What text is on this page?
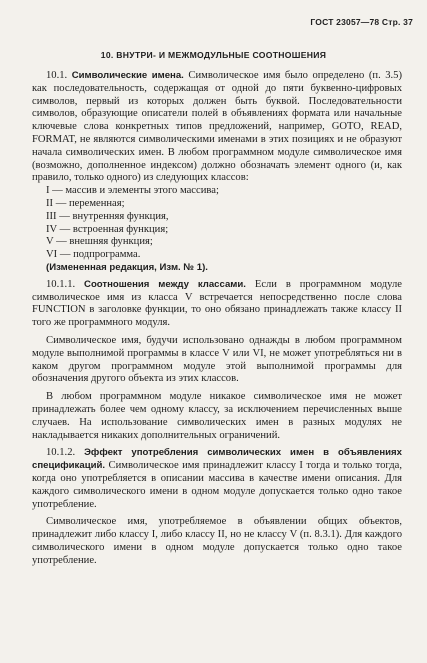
ГОСТ 23057—78 Стр. 37
10. ВНУТРИ- И МЕЖМОДУЛЬНЫЕ СООТНОШЕНИЯ

10.1. Символические имена. Символическое имя было определено (п. 3.5) как последовательность, содержащая от одной до пяти буквенно-цифровых символов, первый из которых должен быть буквой. Последовательности символов, образующие описатели полей в объявлениях формата или начальные ключевые слова конкретных типов предложений, например, GOTO, READ, FORMAT, не являются символическими именами в этих позициях и не образуют начала символических имен. В любом программном модуле символическое имя (возможно, дополненное индексом) должно обозначать элемент одного (и, как правило, только одного) из следующих классов:

I — массив и элементы этого массива;
II — переменная;
III — внутренняя функция,
IV — встроенная функция;
V — внешняя функция;
VI — подпрограмма.
(Измененная редакция, Изм. № 1).

10.1.1. Соотношения между классами. Если в программном модуле символическое имя из класса V встречается непосредственно после слова FUNCTION в заголовке функции, то оно обязано принадлежать также классу II того же программного модуля.

Символическое имя, будучи использовано однажды в любом программном модуле выполнимой программы в классе V или VI, не может употребляться ни в каком другом программном модуле этой выполнимой программы для обозначения другого объекта из этих классов.

В любом программном модуле никакое символическое имя не может принадлежать более чем одному классу, за исключением перечисленных выше случаев. На использование символических имен в разных модулях не накладывается никаких дополнительных ограничений.

10.1.2. Эффект употребления символических имен в объявлениях спецификаций. Символическое имя принадлежит классу I тогда и только тогда, когда оно употребляется в описании массива в качестве имени описания. Для каждого символического имени в одном модуле допускается только одно такое употребление.

Символическое имя, употребляемое в объявлении общих объектов, принадлежит либо классу I, либо классу II, но не классу V (п. 8.3.1). Для каждого символического имени в одном модуле допускается только одно такое употребление.
